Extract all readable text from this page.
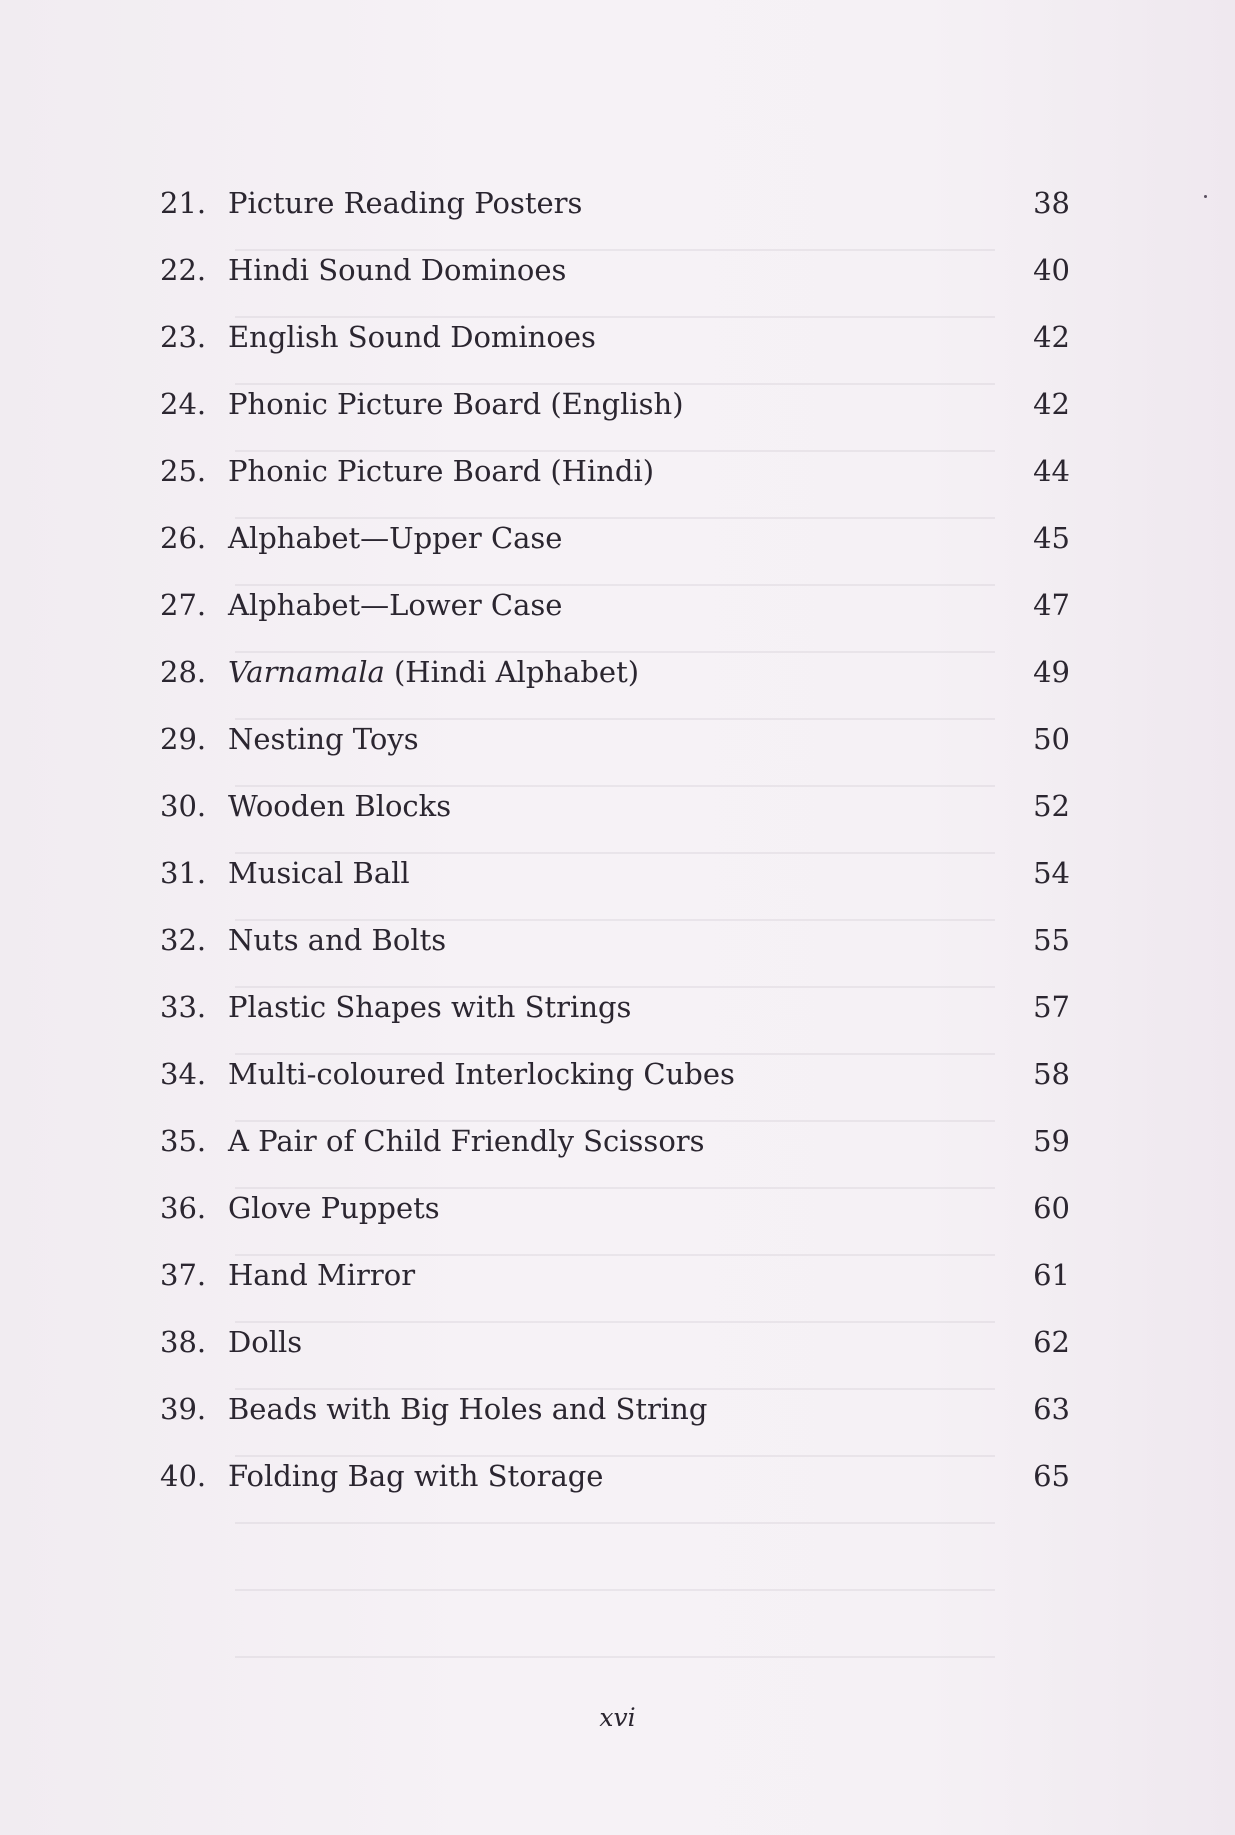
21. Picture Reading Posters	38
22. Hindi Sound Dominoes	40
23. English Sound Dominoes	42
24. Phonic Picture Board (English)	42
25. Phonic Picture Board (Hindi)	44
26. Alphabet—Upper Case	45
27. Alphabet—Lower Case	47
28. Varnamala (Hindi Alphabet)	49
29. Nesting Toys	50
30. Wooden Blocks	52
31. Musical Ball	54
32. Nuts and Bolts	55
33. Plastic Shapes with Strings	57
34. Multi-coloured Interlocking Cubes	58
35. A Pair of Child Friendly Scissors	59
36. Glove Puppets	60
37. Hand Mirror	61
38. Dolls	62
39. Beads with Big Holes and String	63
40. Folding Bag with Storage	65
xvi
